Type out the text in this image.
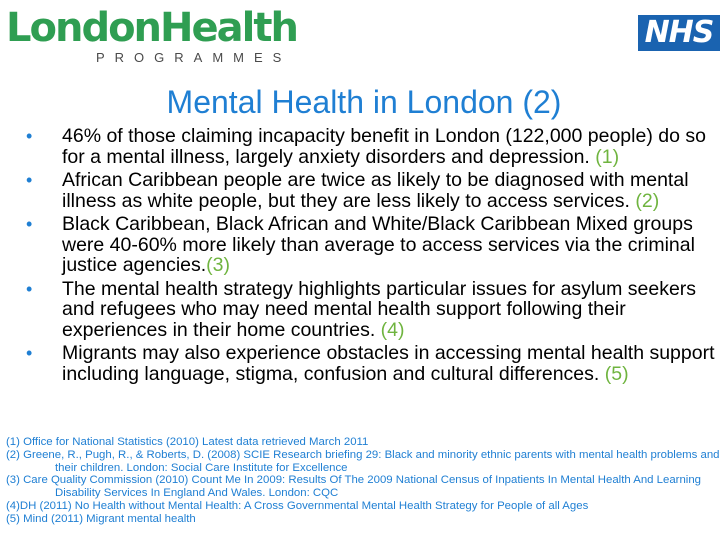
LondonHealth
PROGRAMMES
NHS
Mental Health in London (2)
• 46% of those claiming incapacity benefit in London (122,000 people) do so for a mental illness, largely anxiety disorders and depression. (1)
• African Caribbean people are twice as likely to be diagnosed with mental illness as white people, but they are less likely to access services. (2)
• Black Caribbean, Black African and White/Black Caribbean Mixed groups were 40-60% more likely than average to access services via the criminal justice agencies.(3)
• The mental health strategy highlights particular issues for asylum seekers and refugees who may need mental health support following their experiences in their home countries. (4)
• Migrants may also experience obstacles in accessing mental health support including language, stigma, confusion and cultural differences. (5)
(1) Office for National Statistics (2010) Latest data retrieved March 2011
(2) Greene, R., Pugh, R., & Roberts, D. (2008) SCIE Research briefing 29: Black and minority ethnic parents with mental health problems and their children. London: Social Care Institute for Excellence
(3) Care Quality Commission (2010) Count Me In 2009: Results Of The 2009 National Census of Inpatients In Mental Health And Learning Disability Services In England And Wales. London: CQC
(4)DH (2011) No Health without Mental Health: A Cross Governmental Mental Health Strategy for People of all Ages
(5) Mind (2011) Migrant mental health
